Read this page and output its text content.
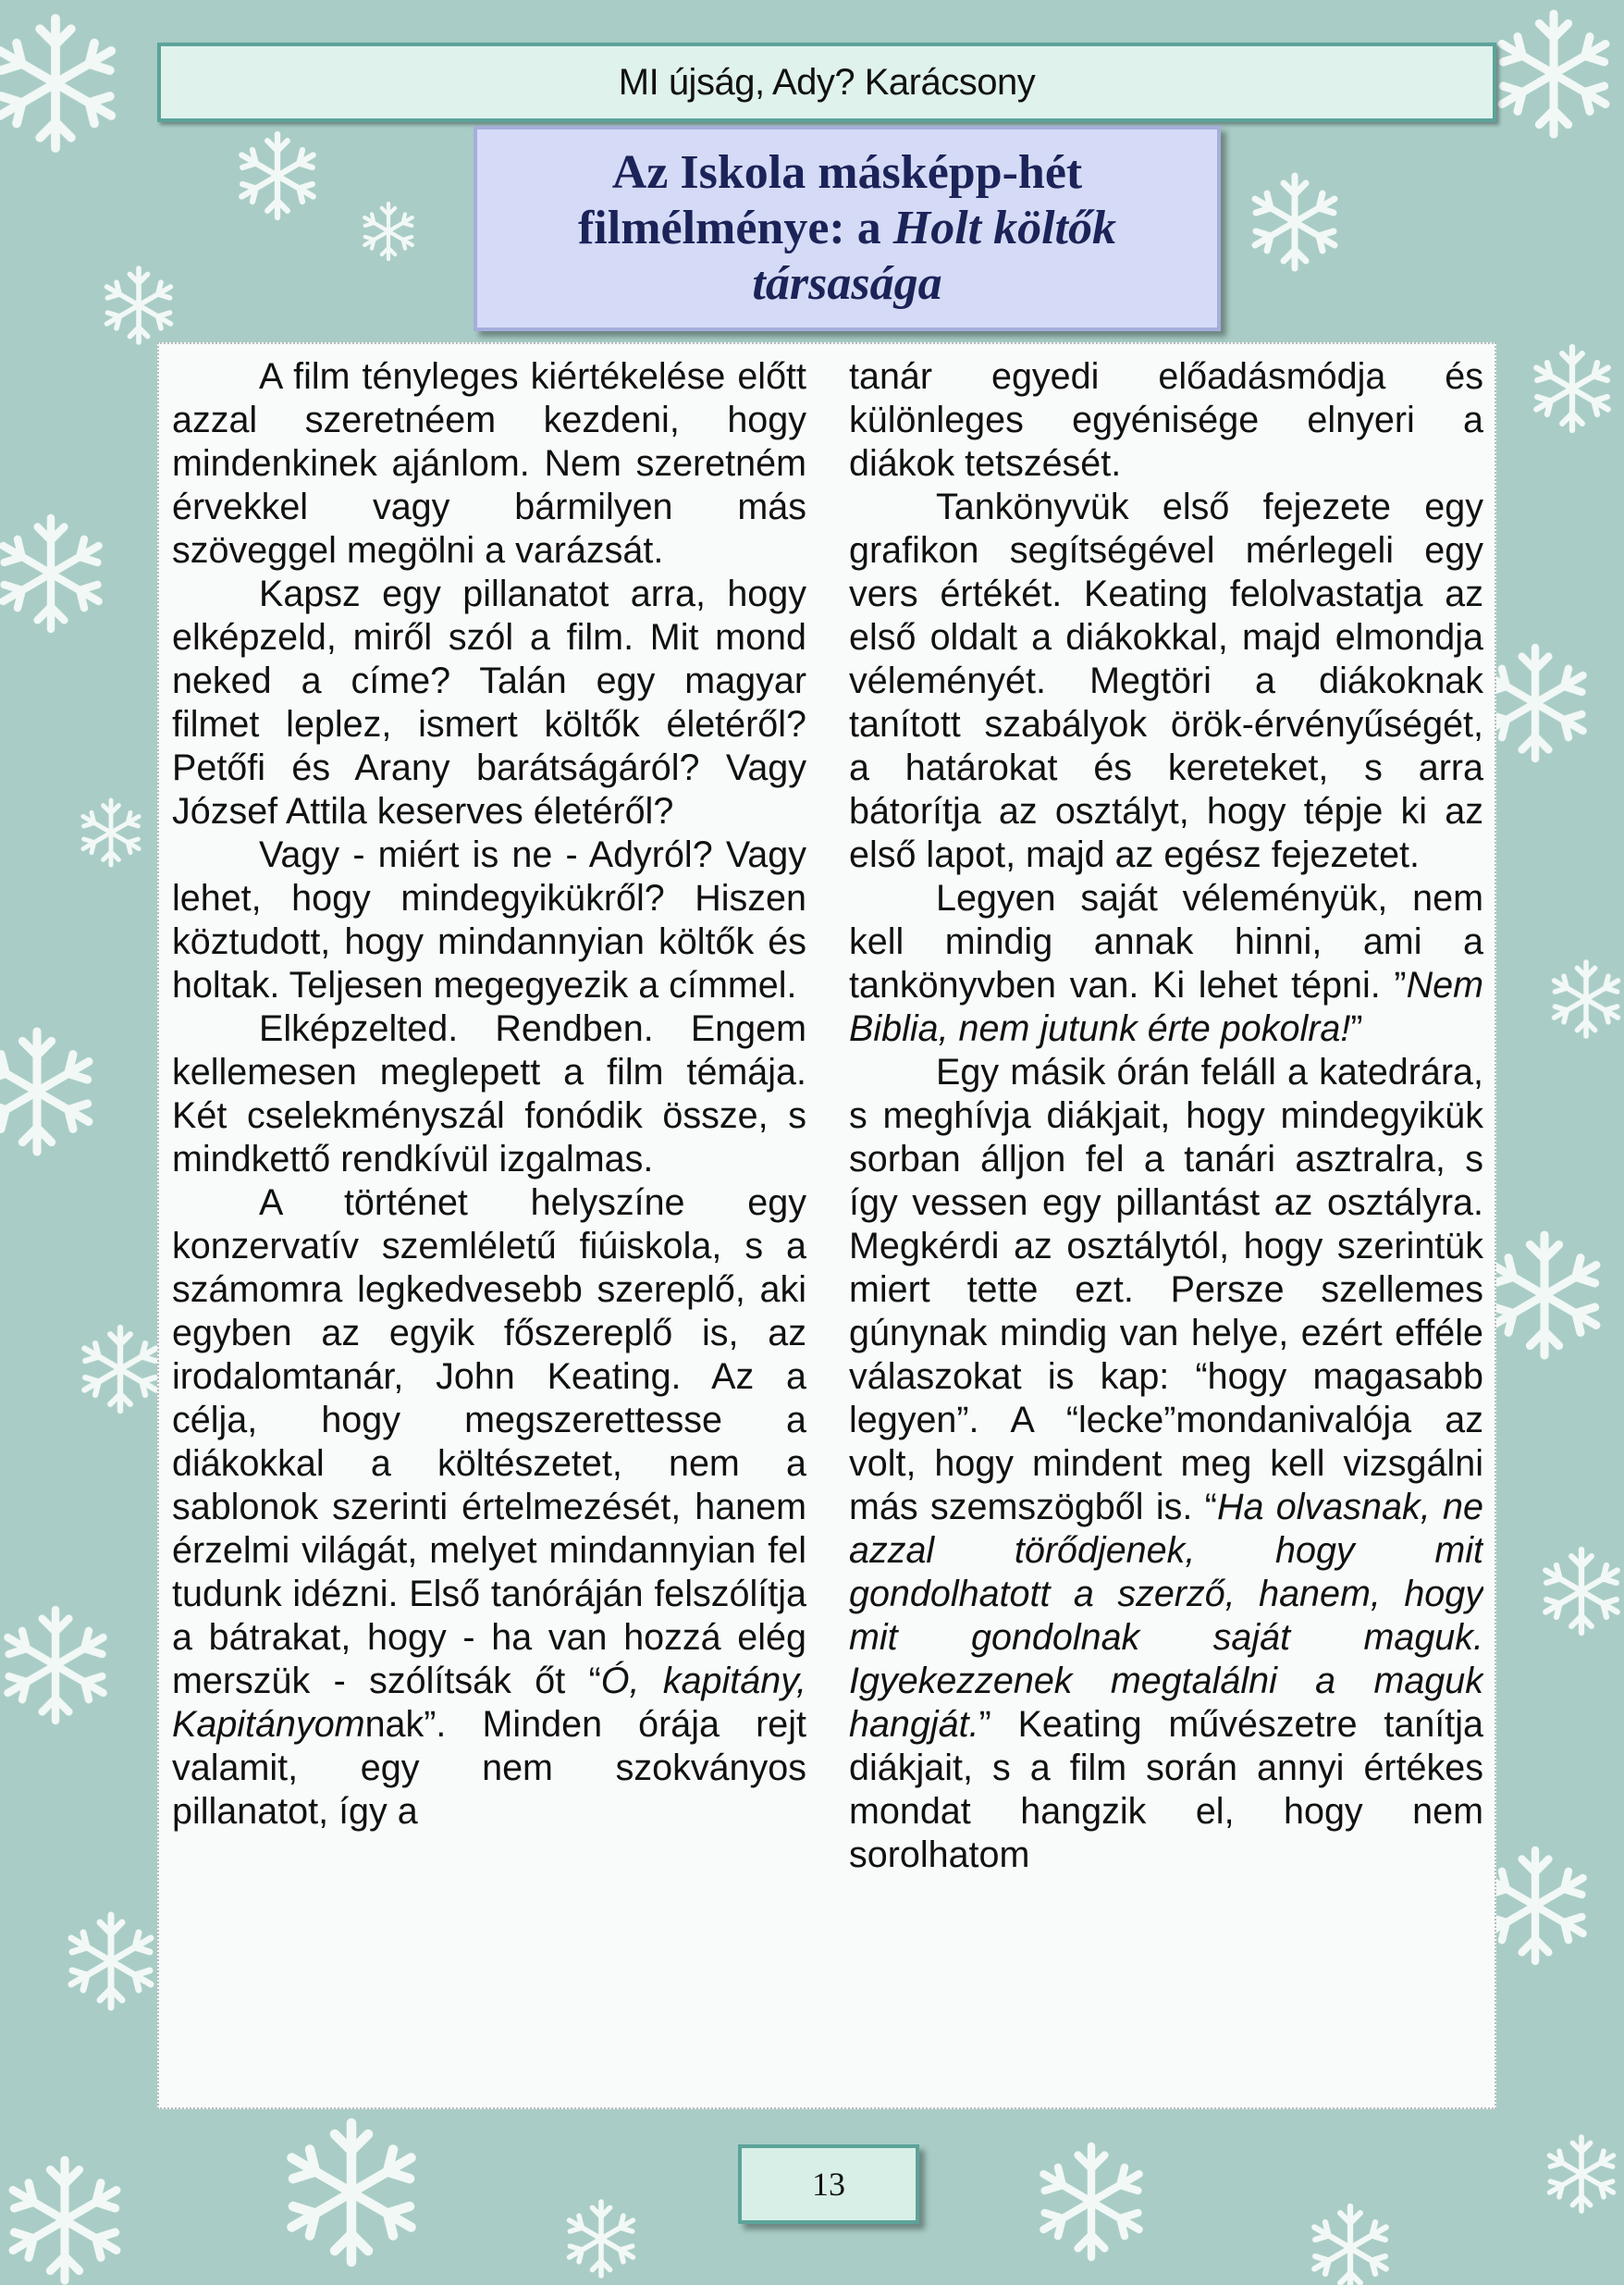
MI újság, Ady? Karácsony
Az Iskola másképp-hét filmélménye: a Holt költők társasága

A film tényleges kiértékelése előtt azzal szeretnéem kezdeni, hogy mindenkinek ajánlom. Nem szeretném érvekkel vagy bármilyen más szöveggel megölni a varázsát.

Kapsz egy pillanatot arra, hogy elképzeld, miről szól a film. Mit mond neked a címe? Talán egy magyar filmet leplez, ismert költők életéről? Petőfi és Arany barátságáról? Vagy József Attila keserves életéről?

Vagy - miért is ne - Adyról? Vagy lehet, hogy mindegyikükről? Hiszen köztudott, hogy mindannyian költők és holtak. Teljesen megegyezik a címmel.

Elképzelted. Rendben. Engem kellemesen meglepett a film témája. Két cselekményszál fonódik össze, s mindkettő rendkívül izgalmas.

A történet helyszíne egy konzervatív szemléletű fiúiskola, s a számomra legkedvesebb szereplő, aki egyben az egyik főszereplő is, az irodalomtanár, John Keating. Az a célja, hogy megszerettesse a diákokkal a költészetet, nem a sablonok szerinti értelmezését, hanem érzelmi világát, melyet mindannyian fel tudunk idézni. Első tanóráján felszólítja a bátrakat, hogy - ha van hozzá elég merszük - szólítsák őt “Ó, kapitány, Kapitányomnak”. Minden órája rejt valamit, egy nem szokványos pillanatot, így a

tanár egyedi előadásmódja és különleges egyénisége elnyeri a diákok tetszését.

Tankönyvük első fejezete egy grafikon segítségével mérlegeli egy vers értékét. Keating felolvastatja az első oldalt a diákokkal, majd elmondja véleményét. Megtöri a diákoknak tanított szabályok örök-érvényűségét, a határokat és kereteket, s arra bátorítja az osztályt, hogy tépje ki az első lapot, majd az egész fejezetet.

Legyen saját véleményük, nem kell mindig annak hinni, ami a tankönyvben van. Ki lehet tépni. ”Nem Biblia, nem jutunk érte pokolra!”

Egy másik órán feláll a katedrára, s meghívja diákjait, hogy mindegyikük sorban álljon fel a tanári asztralra, s így vessen egy pillantást az osztályra. Megkérdi az osztálytól, hogy szerintük miert tette ezt. Persze szellemes gúnynak mindig van helye, ezért efféle válaszokat is kap: “hogy magasabb legyen”. A “lecke”mondanivalója az volt, hogy mindent meg kell vizsgálni más szemszögből is. “Ha olvasnak, ne azzal törődjenek, hogy mit gondolhatott a szerző, hanem, hogy mit gondolnak saját maguk. Igyekezzenek megtalálni a maguk hangját.” Keating művészetre tanítja diákjait, s a film során annyi értékes mondat hangzik el, hogy nem sorolhatom

13
